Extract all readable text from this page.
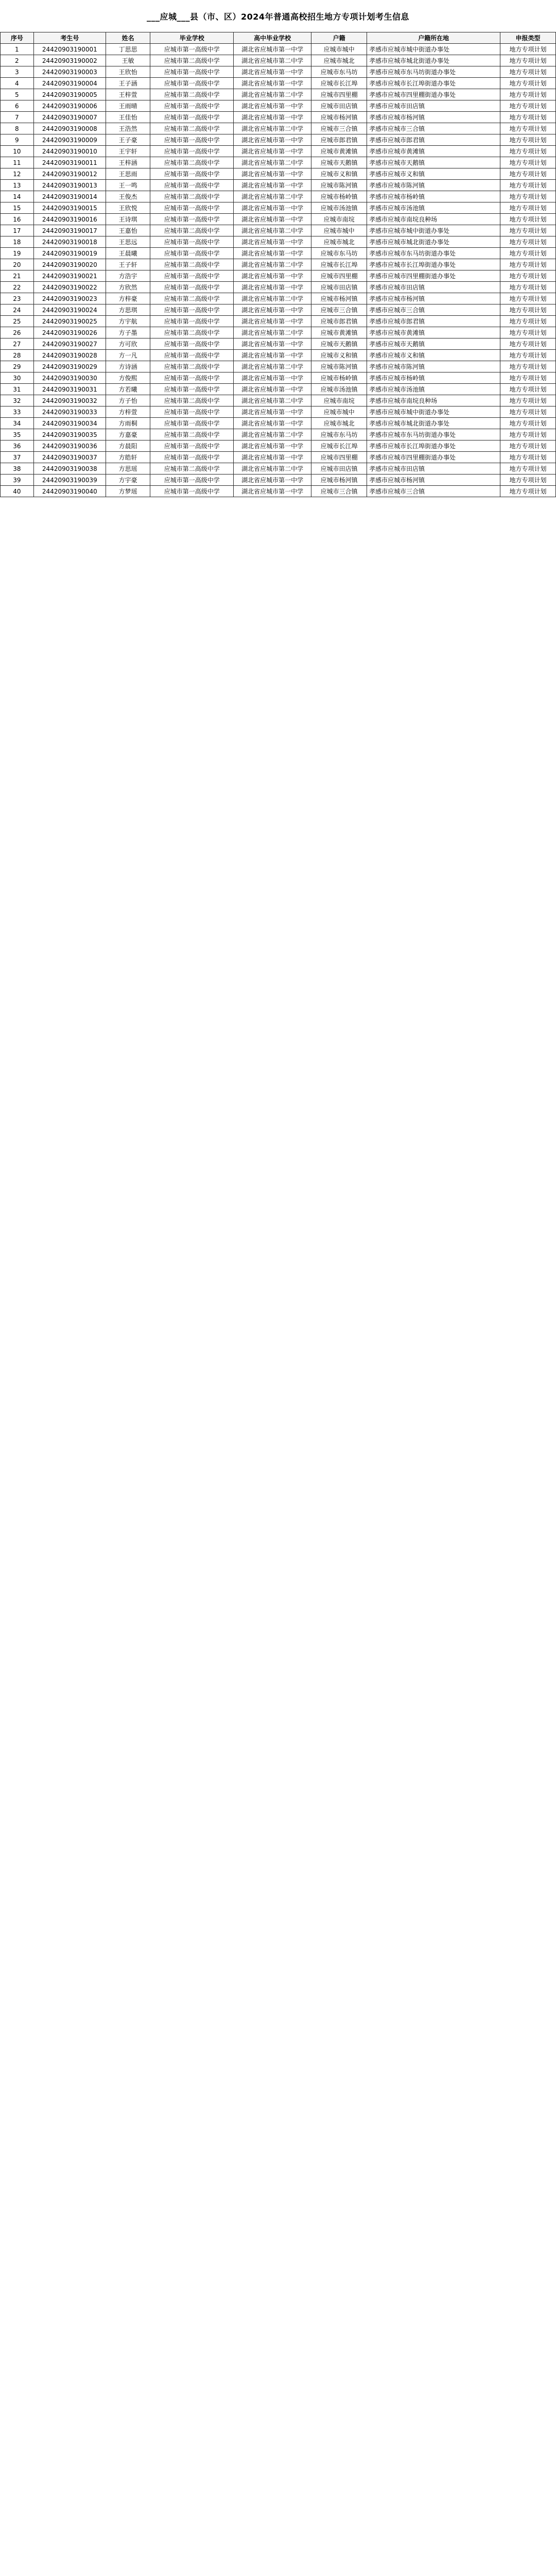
___应城___县（市、区）2024年普通高校招生地方专项计划考生信息
序号	考生号	姓名	毕业学校	高中毕业学校	户籍	户籍所在地	申报类型
1	24420903190001	丁思思	应城市第一高级中学	湖北省应城市第一中学	应城市城中	孝感市应城市城中街道办事处	地方专项计划
2	24420903190002	王敏	应城市第二高级中学	湖北省应城市第二中学	应城市城北	孝感市应城市城北街道办事处	地方专项计划
3	24420903190003	王欣怡	应城市第一高级中学	湖北省应城市第一中学	应城市东马坊	孝感市应城市东马坊街道办事处	地方专项计划
4	24420903190004	王子涵	应城市第一高级中学	湖北省应城市第一中学	应城市长江埠	孝感市应城市长江埠街道办事处	地方专项计划
5	24420903190005	王梓萱	应城市第二高级中学	湖北省应城市第二中学	应城市四里棚	孝感市应城市四里棚街道办事处	地方专项计划
6	24420903190006	王雨晴	应城市第一高级中学	湖北省应城市第一中学	应城市田店镇	孝感市应城市田店镇	地方专项计划
7	24420903190007	王佳怡	应城市第一高级中学	湖北省应城市第一中学	应城市杨河镇	孝感市应城市杨河镇	地方专项计划
8	24420903190008	王浩然	应城市第二高级中学	湖北省应城市第二中学	应城市三合镇	孝感市应城市三合镇	地方专项计划
9	24420903190009	王子豪	应城市第一高级中学	湖北省应城市第一中学	应城市郎君镇	孝感市应城市郎君镇	地方专项计划
10	24420903190010	王宇轩	应城市第一高级中学	湖北省应城市第一中学	应城市黄滩镇	孝感市应城市黄滩镇	地方专项计划
11	24420903190011	王梓涵	应城市第二高级中学	湖北省应城市第二中学	应城市天鹅镇	孝感市应城市天鹅镇	地方专项计划
12	24420903190012	王思雨	应城市第一高级中学	湖北省应城市第一中学	应城市义和镇	孝感市应城市义和镇	地方专项计划
13	24420903190013	王一鸣	应城市第一高级中学	湖北省应城市第一中学	应城市陈河镇	孝感市应城市陈河镇	地方专项计划
14	24420903190014	王俊杰	应城市第二高级中学	湖北省应城市第二中学	应城市杨岭镇	孝感市应城市杨岭镇	地方专项计划
15	24420903190015	王欣悦	应城市第一高级中学	湖北省应城市第一中学	应城市汤池镇	孝感市应城市汤池镇	地方专项计划
16	24420903190016	王诗琪	应城市第一高级中学	湖北省应城市第一中学	应城市南垸	孝感市应城市南垸良种场	地方专项计划
17	24420903190017	王嘉怡	应城市第二高级中学	湖北省应城市第二中学	应城市城中	孝感市应城市城中街道办事处	地方专项计划
18	24420903190018	王思远	应城市第一高级中学	湖北省应城市第一中学	应城市城北	孝感市应城市城北街道办事处	地方专项计划
19	24420903190019	王晨曦	应城市第一高级中学	湖北省应城市第一中学	应城市东马坊	孝感市应城市东马坊街道办事处	地方专项计划
20	24420903190020	王子轩	应城市第二高级中学	湖北省应城市第二中学	应城市长江埠	孝感市应城市长江埠街道办事处	地方专项计划
21	24420903190021	方浩宇	应城市第一高级中学	湖北省应城市第一中学	应城市四里棚	孝感市应城市四里棚街道办事处	地方专项计划
22	24420903190022	方欣然	应城市第一高级中学	湖北省应城市第一中学	应城市田店镇	孝感市应城市田店镇	地方专项计划
23	24420903190023	方梓豪	应城市第二高级中学	湖北省应城市第二中学	应城市杨河镇	孝感市应城市杨河镇	地方专项计划
24	24420903190024	方思琪	应城市第一高级中学	湖北省应城市第一中学	应城市三合镇	孝感市应城市三合镇	地方专项计划
25	24420903190025	方宇航	应城市第一高级中学	湖北省应城市第一中学	应城市郎君镇	孝感市应城市郎君镇	地方专项计划
26	24420903190026	方子墨	应城市第二高级中学	湖北省应城市第二中学	应城市黄滩镇	孝感市应城市黄滩镇	地方专项计划
27	24420903190027	方可欣	应城市第一高级中学	湖北省应城市第一中学	应城市天鹅镇	孝感市应城市天鹅镇	地方专项计划
28	24420903190028	方一凡	应城市第一高级中学	湖北省应城市第一中学	应城市义和镇	孝感市应城市义和镇	地方专项计划
29	24420903190029	方诗涵	应城市第二高级中学	湖北省应城市第二中学	应城市陈河镇	孝感市应城市陈河镇	地方专项计划
30	24420903190030	方俊熙	应城市第一高级中学	湖北省应城市第一中学	应城市杨岭镇	孝感市应城市杨岭镇	地方专项计划
31	24420903190031	方若曦	应城市第一高级中学	湖北省应城市第一中学	应城市汤池镇	孝感市应城市汤池镇	地方专项计划
32	24420903190032	方子怡	应城市第二高级中学	湖北省应城市第二中学	应城市南垸	孝感市应城市南垸良种场	地方专项计划
33	24420903190033	方梓萱	应城市第一高级中学	湖北省应城市第一中学	应城市城中	孝感市应城市城中街道办事处	地方专项计划
34	24420903190034	方雨桐	应城市第一高级中学	湖北省应城市第一中学	应城市城北	孝感市应城市城北街道办事处	地方专项计划
35	24420903190035	方嘉豪	应城市第二高级中学	湖北省应城市第二中学	应城市东马坊	孝感市应城市东马坊街道办事处	地方专项计划
36	24420903190036	方晨阳	应城市第一高级中学	湖北省应城市第一中学	应城市长江埠	孝感市应城市长江埠街道办事处	地方专项计划
37	24420903190037	方皓轩	应城市第一高级中学	湖北省应城市第一中学	应城市四里棚	孝感市应城市四里棚街道办事处	地方专项计划
38	24420903190038	方思瑶	应城市第二高级中学	湖北省应城市第二中学	应城市田店镇	孝感市应城市田店镇	地方专项计划
39	24420903190039	方宇豪	应城市第一高级中学	湖北省应城市第一中学	应城市杨河镇	孝感市应城市杨河镇	地方专项计划
40	24420903190040	方梦瑶	应城市第一高级中学	湖北省应城市第一中学	应城市三合镇	孝感市应城市三合镇	地方专项计划
